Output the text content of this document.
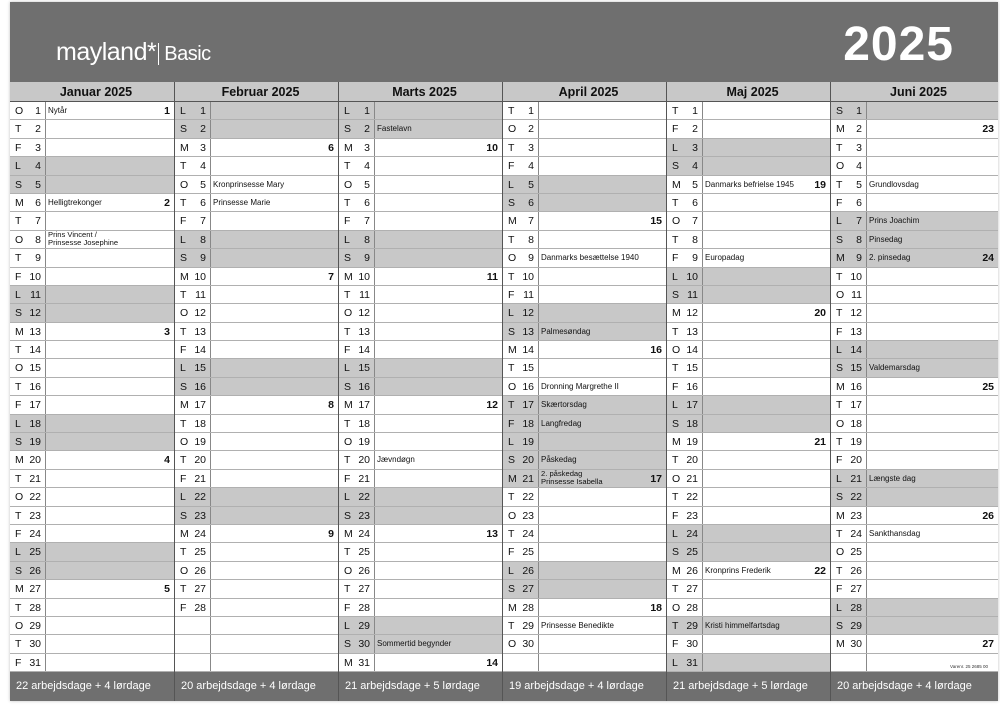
mayland* Basic	2025
Januar 2025
O 1 Nytår	1
T 2
F 3
L 4
S 5
M 6 Helligtrekonger	2
T 7
O 8 Prins Vincent /
Prinsesse Josephine
T 9
F 10
L 11
S 12
M 13	3
T 14
O 15
T 16
F 17
L 18
S 19
M 20	4
T 21
O 22
T 23
F 24
L 25
S 26
M 27	5
T 28
O 29
T 30
F 31
22 arbejdsdage + 4 lørdage
Februar 2025
L 1
S 2
M 3	6
T 4
O 5 Kronprinsesse Mary
T 6 Prinsesse Marie
F 7
L 8
S 9
M 10	7
T 11
O 12
T 13
F 14
L 15
S 16
M 17	8
T 18
O 19
T 20
F 21
L 22
S 23
M 24	9
T 25
O 26
T 27
F 28
20 arbejdsdage + 4 lørdage
Marts 2025
L 1
S 2 Fastelavn
M 3	10
T 4
O 5
T 6
F 7
L 8
S 9
M 10	11
T 11
O 12
T 13
F 14
L 15
S 16
M 17	12
T 18
O 19
T 20 Jævndøgn
F 21
L 22
S 23
M 24	13
T 25
O 26
T 27
F 28
L 29
S 30 Sommertid begynder
M 31	14
21 arbejdsdage + 5 lørdage
April 2025
T 1
O 2
T 3
F 4
L 5
S 6
M 7	15
T 8
O 9 Danmarks besættelse 1940
T 10
F 11
L 12
S 13 Palmesøndag
M 14	16
T 15
O 16 Dronning Margrethe II
T 17 Skærtorsdag
F 18 Langfredag
L 19
S 20 Påskedag
M 21 2. påskedag
Prinsesse Isabella	17
T 22
O 23
T 24
F 25
L 26
S 27
M 28	18
T 29 Prinsesse Benedikte
O 30
19 arbejdsdage + 4 lørdage
Maj 2025
T 1
F 2
L 3
S 4
M 5 Danmarks befrielse 1945 19
T 6
O 7
T 8
F 9 Europadag
L 10
S 11
M 12	20
T 13
O 14
T 15
F 16
L 17
S 18
M 19	21
T 20
O 21
T 22
F 23
L 24
S 25
M 26 Kronprins Frederik	22
T 27
O 28
T 29 Kristi himmelfartsdag
F 30
L 31
21 arbejdsdage + 5 lørdage
Juni 2025
S 1
M 2	23
T 3
O 4
T 5 Grundlovsdag
F 6
L 7 Prins Joachim
S 8 Pinsedag
M 9 2. pinsedag	24
T 10
O 11
T 12
F 13
L 14
S 15 Valdemarsdag
M 16	25
T 17
O 18
T 19
F 20
L 21 Længste dag
S 22
M 23	26
T 24 Sankthansdag
O 25
T 26
F 27
L 28
S 29
M 30	27
Varenr. 25 2685 00
20 arbejdsdage + 4 lørdage
